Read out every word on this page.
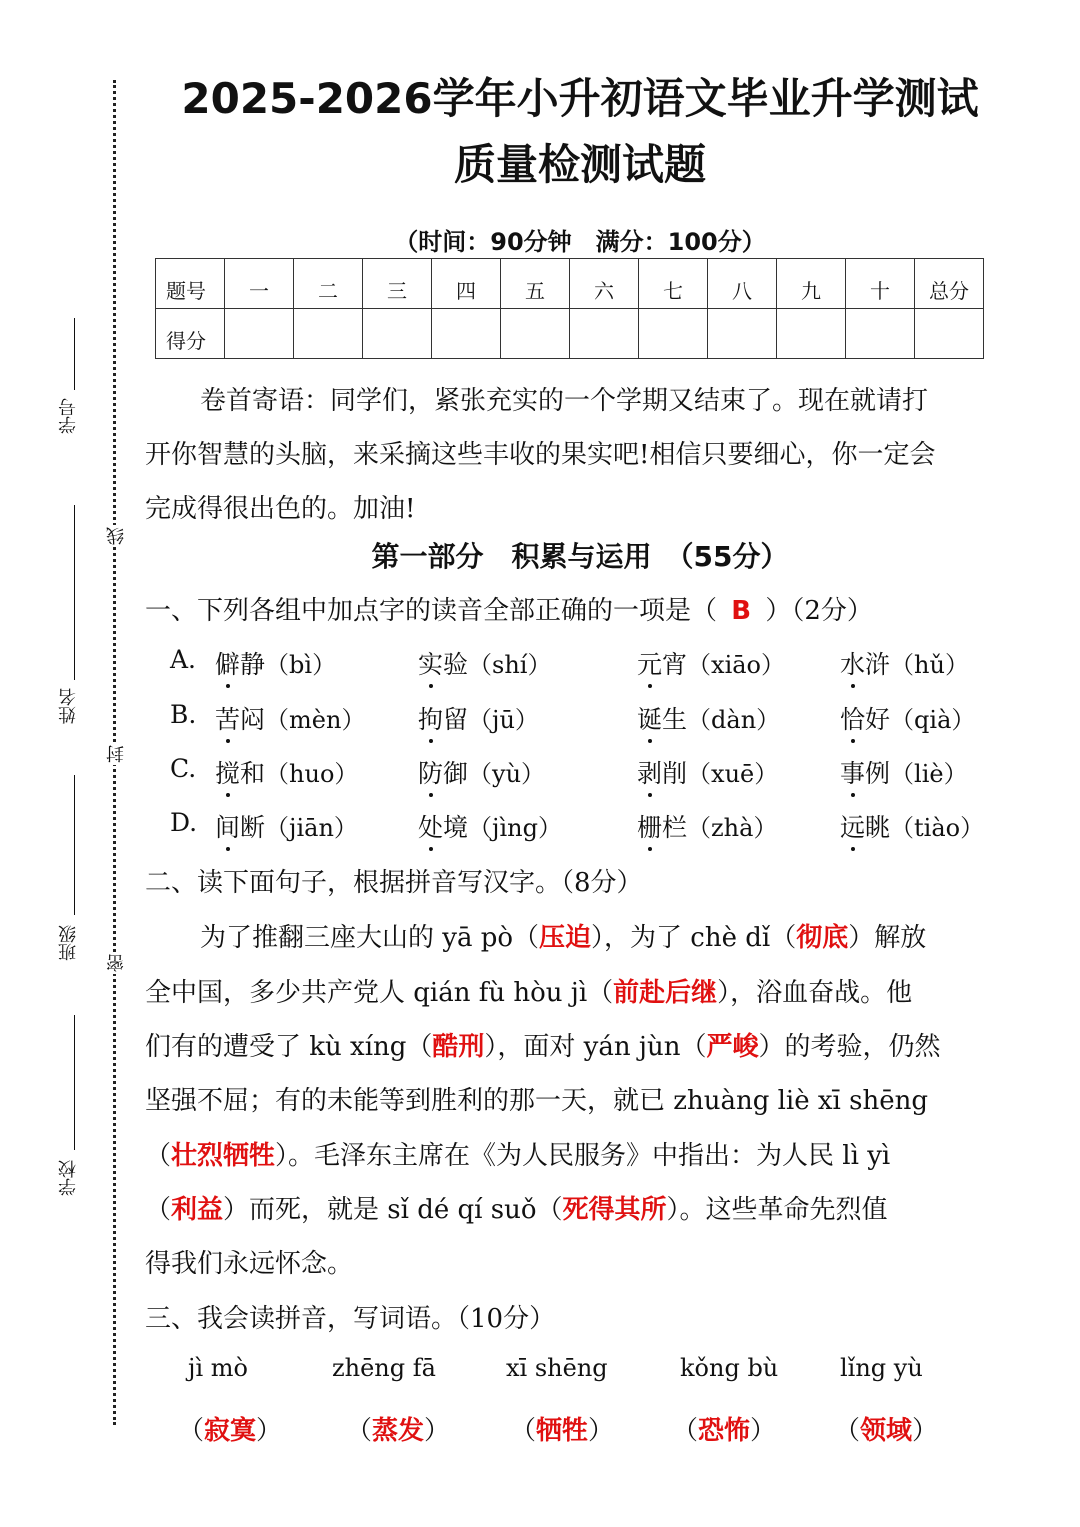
学号
姓名
班级
学校
线
封
密
2025-2026学年小升初语文毕业升学测试
质量检测试题
（时间：90分钟　满分：100分）
题号	一	二	三	四	五	六	七	八	九	十	总分
得分											
卷首寄语：同学们，紧张充实的一个学期又结束了。现在就请打
开你智慧的头脑，来采摘这些丰收的果实吧!相信只要细心，你一定会
完成得很出色的。加油!
第一部分　积累与运用　（55分）
一、下列各组中加点字的读音全部正确的一项是（ B ）（2分）
A. 僻静（bì）	实验（shí）	元宵（xiāo） 水浒（hǔ）
B. 苦闷（mèn） 拘留（jū）	诞生（dàn） 恰好（qià）
C. 搅和（huo） 防御（yù）	剥削（xuē） 事例（liè）
D. 间断（jiān） 处境（jìng）	栅栏（zhà）	远眺（tiào）
二、读下面句子，根据拼音写汉字。（8分）
为了推翻三座大山的 yā pò（压迫），为了 chè dǐ（彻底）解放
全中国，多少共产党人 qián fù hòu jì（前赴后继），浴血奋战。他
们有的遭受了 kù xíng（酷刑），面对 yán jùn（严峻）的考验，仍然
坚强不屈；有的未能等到胜利的那一天，就已 zhuàng liè xī shēng
（壮烈牺牲）。毛泽东主席在《为人民服务》中指出：为人民 lì yì
（利益）而死，就是 sǐ dé qí suǒ（死得其所）。这些革命先烈值
得我们永远怀念。
三、我会读拼音，写词语。（10分）
jì mò
（寂寞）
zhēng fā
（蒸发）
xī shēng
（牺牲）
kǒng bù
（恐怖）
lǐng yù
（领域）
